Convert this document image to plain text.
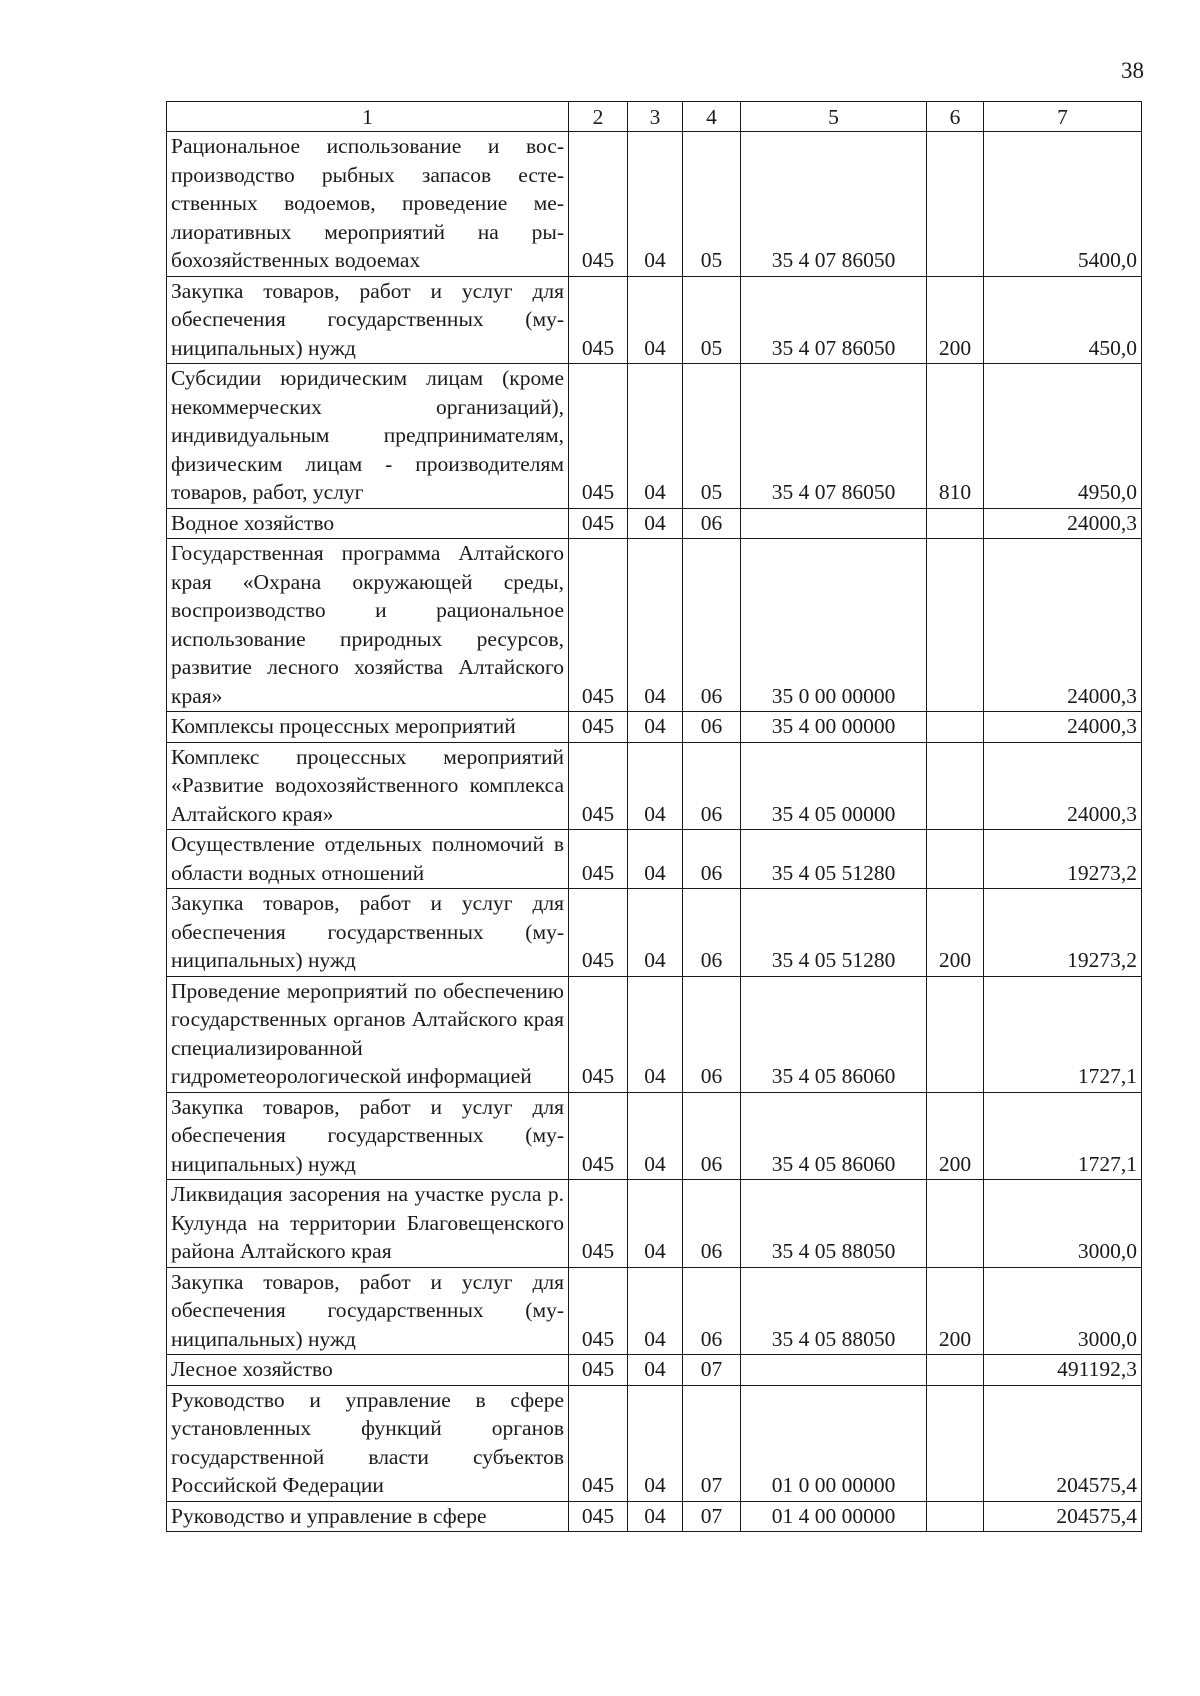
38
1	2	3	4	5	6	7
Рациональное использование и воспроизводство рыбных запасов естественных водоемов, проведение мелиоративных мероприятий на рыбохозяйственных водоемах	045	04	05	35 4 07 86050		5400,0
Закупка товаров, работ и услуг для обеспечения государственных (муниципальных) нужд	045	04	05	35 4 07 86050	200	450,0
Субсидии юридическим лицам (кроме некоммерческих организаций), индивидуальным предпринимателям, физическим лицам - производителям товаров, работ, услуг	045	04	05	35 4 07 86050	810	4950,0
Водное хозяйство	045	04	06			24000,3
Государственная программа Алтайского края «Охрана окружающей среды, воспроизводство и рациональное использование природных ресурсов, развитие лесного хозяйства Алтайского края»	045	04	06	35 0 00 00000		24000,3
Комплексы процессных мероприятий	045	04	06	35 4 00 00000		24000,3
Комплекс процессных мероприятий «Развитие водохозяйственного комплекса Алтайского края»	045	04	06	35 4 05 00000		24000,3
Осуществление отдельных полномочий в области водных отношений	045	04	06	35 4 05 51280		19273,2
Закупка товаров, работ и услуг для обеспечения государственных (муниципальных) нужд	045	04	06	35 4 05 51280	200	19273,2
Проведение мероприятий по обеспечению государственных органов Алтайского края специализированной гидрометеорологической информацией	045	04	06	35 4 05 86060		1727,1
Закупка товаров, работ и услуг для обеспечения государственных (муниципальных) нужд	045	04	06	35 4 05 86060	200	1727,1
Ликвидация засорения на участке русла р. Кулунда на территории Благовещенского района Алтайского края	045	04	06	35 4 05 88050		3000,0
Закупка товаров, работ и услуг для обеспечения государственных (муниципальных) нужд	045	04	06	35 4 05 88050	200	3000,0
Лесное хозяйство	045	04	07			491192,3
Руководство и управление в сфере установленных функций органов государственной власти субъектов Российской Федерации	045	04	07	01 0 00 00000		204575,4
Руководство и управление в сфере	045	04	07	01 4 00 00000		204575,4
